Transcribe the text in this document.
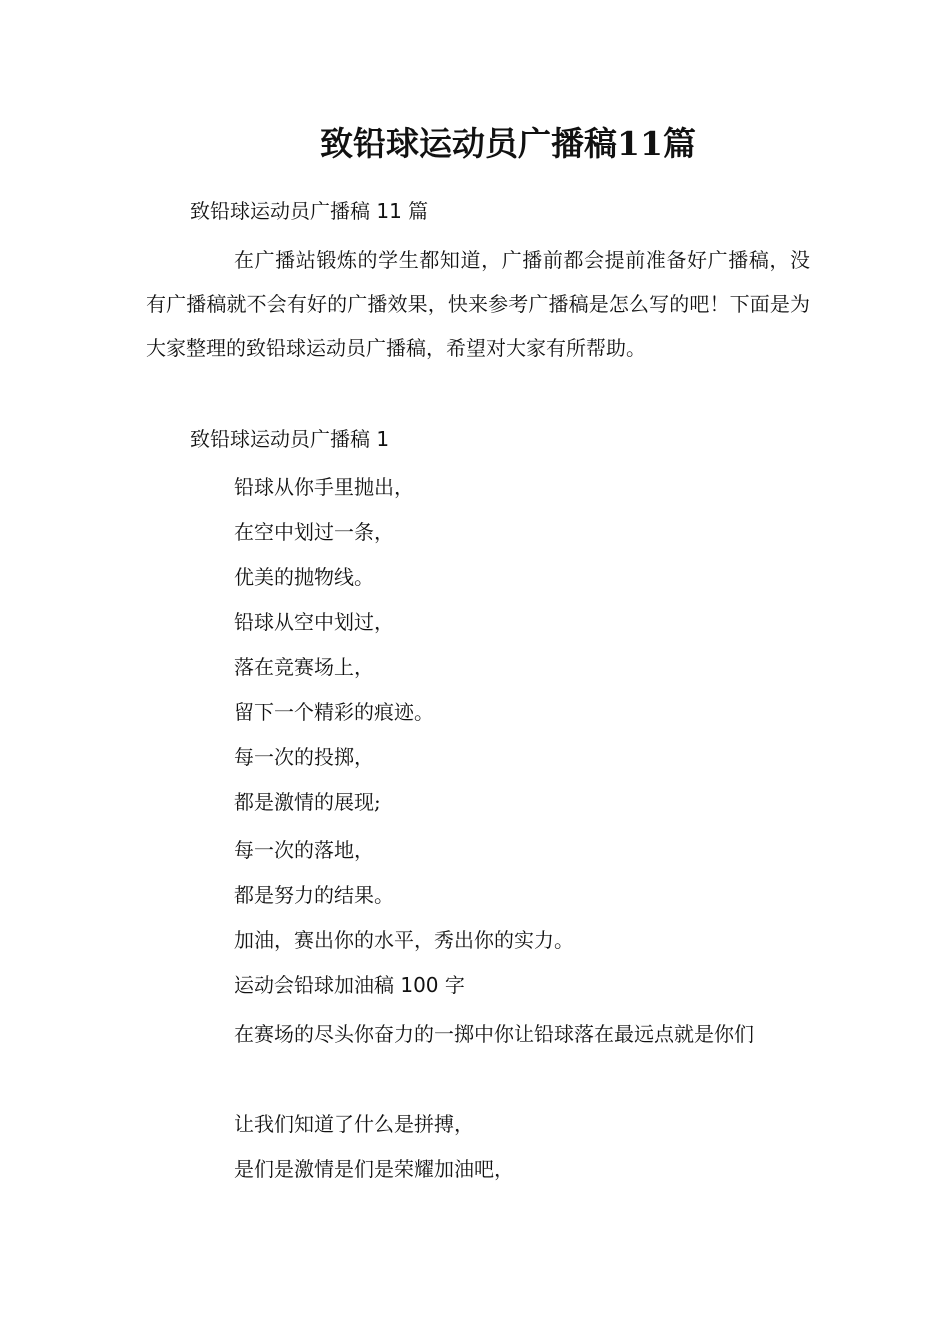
致铅球运动员广播稿11篇
致铅球运动员广播稿 11 篇
在广播站锻炼的学生都知道，广播前都会提前准备好广播稿，没有广播稿就不会有好的广播效果，快来参考广播稿是怎么写的吧！下面是为大家整理的致铅球运动员广播稿，希望对大家有所帮助。
致铅球运动员广播稿 1
铅球从你手里抛出，
在空中划过一条，
优美的抛物线。
铅球从空中划过，
落在竞赛场上，
留下一个精彩的痕迹。
每一次的投掷，
都是激情的展现;
每一次的落地，
都是努力的结果。
加油，赛出你的水平，秀出你的实力。
运动会铅球加油稿 100 字
在赛场的尽头你奋力的一掷中你让铅球落在最远点就是你们
让我们知道了什么是拼搏，
是们是激情是们是荣耀加油吧，
